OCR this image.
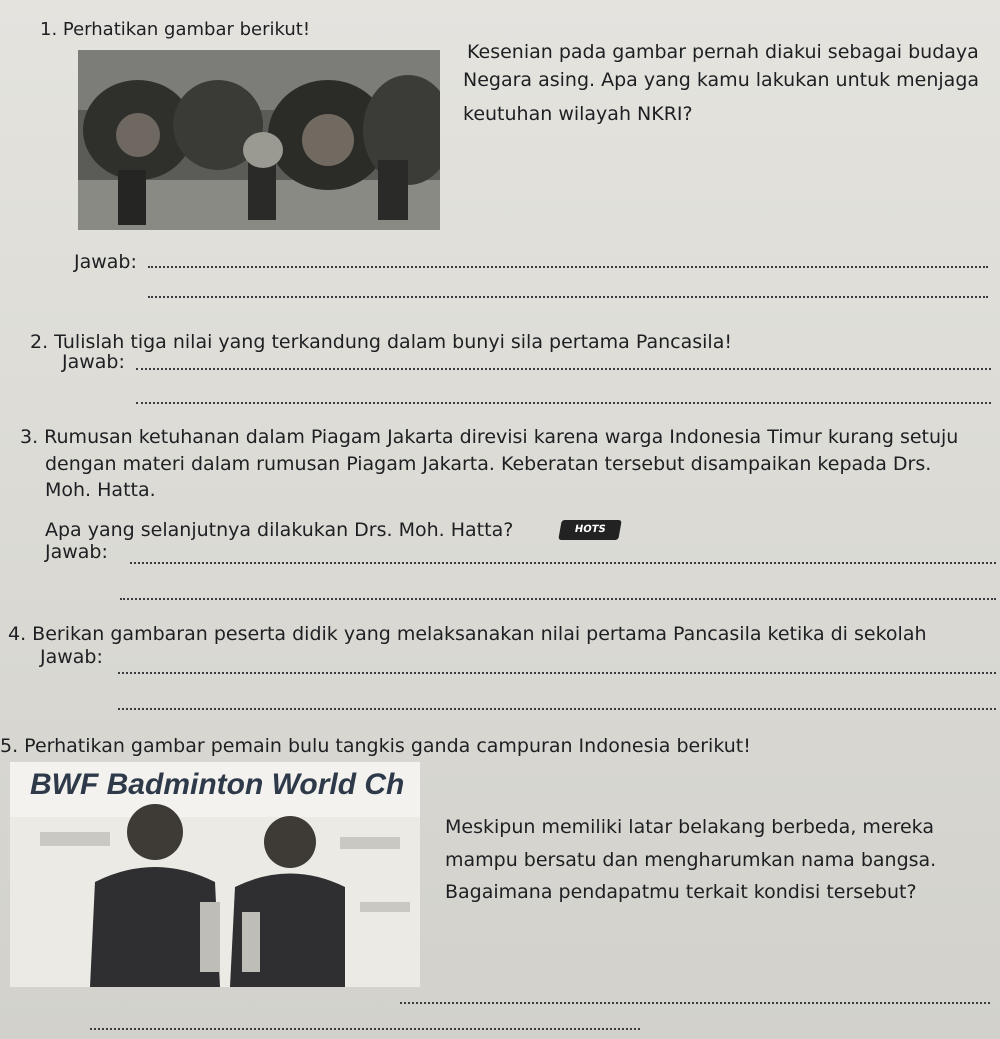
1. Perhatikan gambar berikut!
Kesenian pada gambar pernah diakui sebagai budaya
Negara asing. Apa yang kamu lakukan untuk menjaga
keutuhan wilayah NKRI?
Jawab:
2. Tulislah tiga nilai yang terkandung dalam bunyi sila pertama Pancasila!
Jawab:
3. Rumusan ketuhanan dalam Piagam Jakarta direvisi karena warga Indonesia Timur kurang setuju
dengan materi dalam rumusan Piagam Jakarta. Keberatan tersebut disampaikan kepada Drs.
Moh. Hatta.
Apa yang selanjutnya dilakukan Drs. Moh. Hatta?	HOTS
Jawab:
4. Berikan gambaran peserta didik yang melaksanakan nilai pertama Pancasila ketika di sekolah
Jawab:
5. Perhatikan gambar pemain bulu tangkis ganda campuran Indonesia berikut!
BWF Badminton World Ch
Meskipun memiliki latar belakang berbeda, mereka
mampu bersatu dan mengharumkan nama bangsa.
Bagaimana pendapatmu terkait kondisi tersebut?
